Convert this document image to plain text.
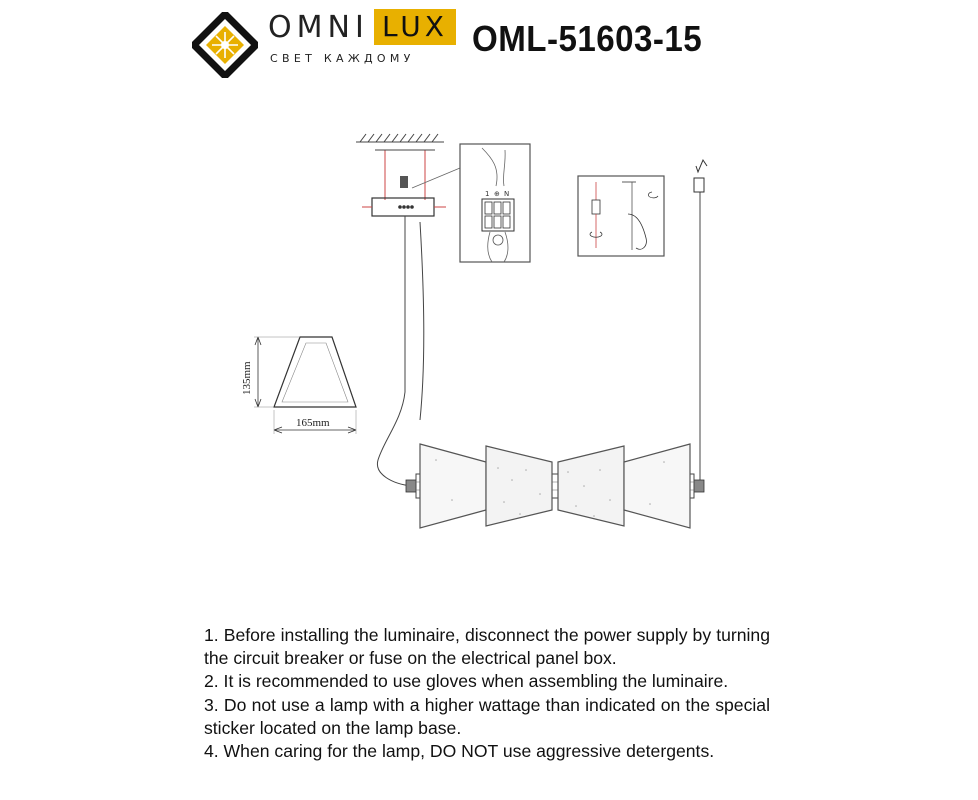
OMNI LUX
СВЕТ КАЖДОМУ OML-51603-15
1 ⊕ N
135mm
165mm

1. Before installing the luminaire, disconnect the power supply by turning the circuit breaker or fuse on the electrical panel box.

2. It is recommended to use gloves when assembling the luminaire.

3. Do not use a lamp with a higher wattage than indicated on the special sticker located on the lamp base.

4. When caring for the lamp, DO NOT use aggressive detergents.
